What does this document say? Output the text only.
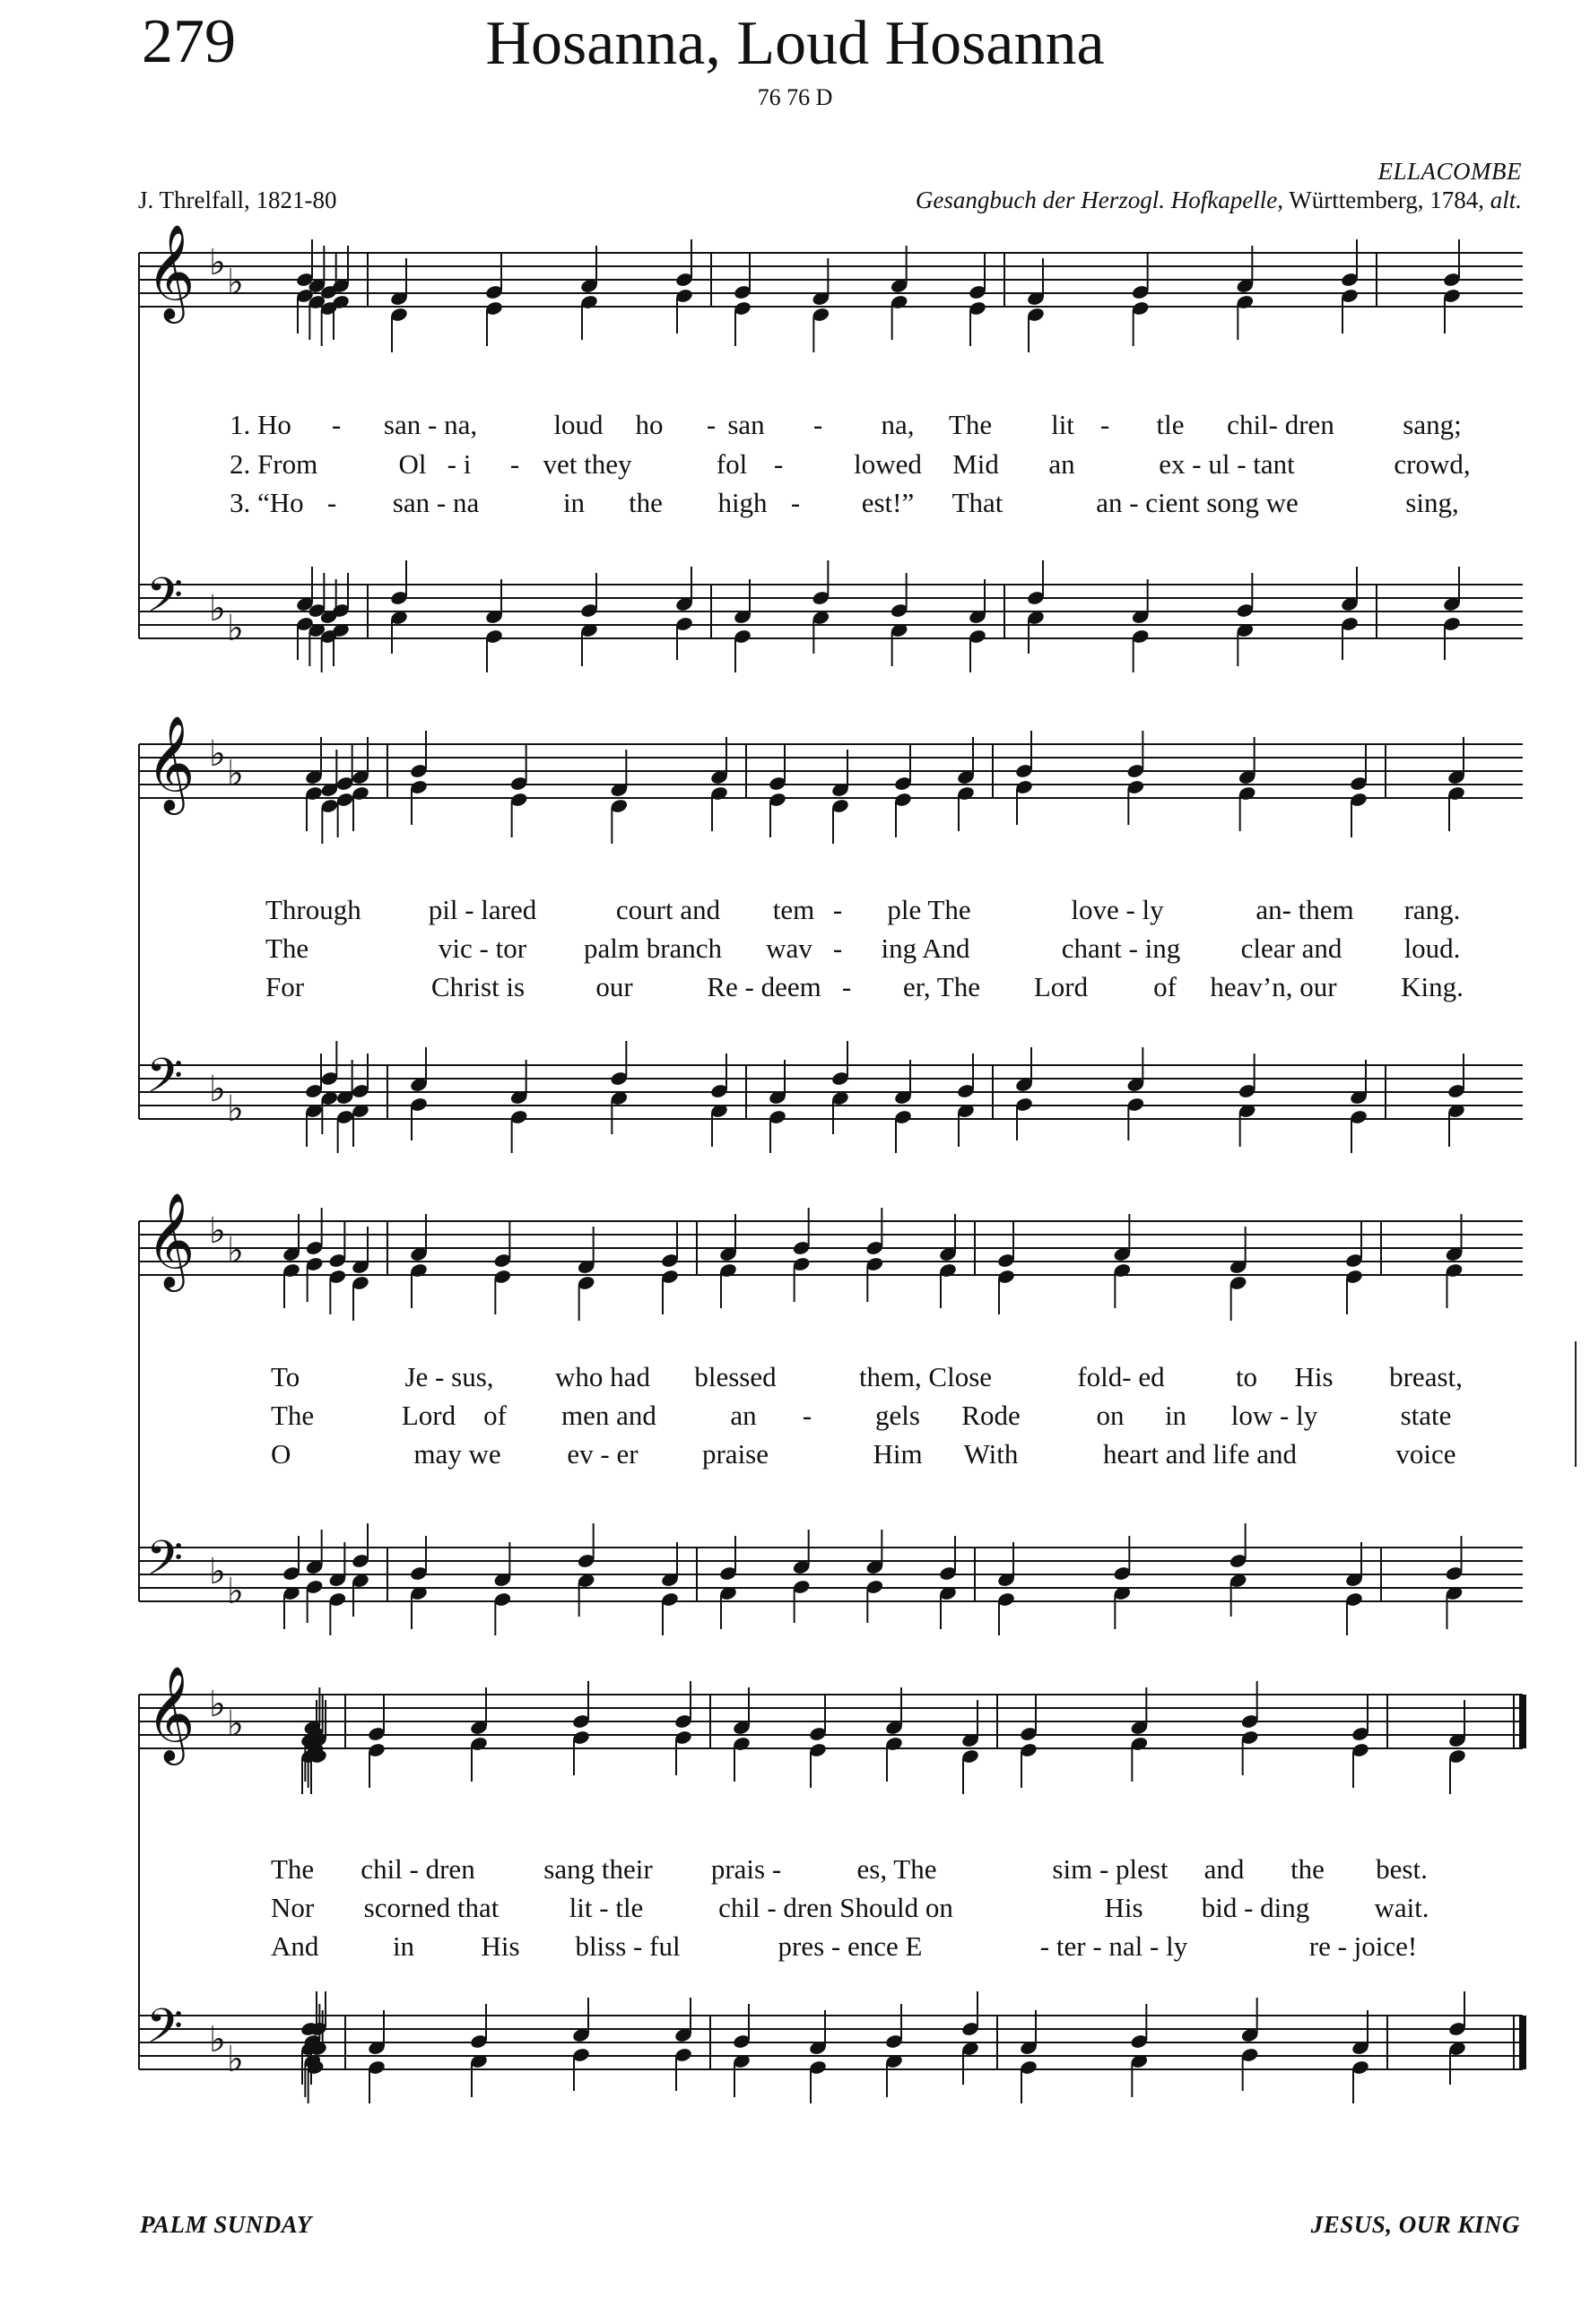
279	Hosanna, Loud Hosanna
76 76 D
ELLACOMBE
J. Threlfall, 1821-80	Gesangbuch der Herzogl. Hofkapelle, Württemberg, 1784, alt.
𝄞 ♭ ♭
𝄢 ♭ ♭
𝄞 ♭ ♭
𝄢 ♭ ♭
𝄞 ♭ ♭
𝄢 ♭ ♭
𝄞 ♭ ♭
𝄢 ♭ ♭
1. Ho - san - na,	loud ho - san - na, The lit - tle chil- dren sang;
2. From	Ol - i - vet they	fol -	lowed Mid an	ex - ul - tant	crowd,
3. “Ho - san - na	in the high - est!” That	an - cient song we	sing,
Through pil - lared	court and tem - ple The	love - ly	an- them rang.
The	vic - tor palm branch wav - ing And	chant - ing clear and loud.
For	Christ is	our	Re - deem - er, The Lord of heav’n, our King.
To	Je - sus, who had blessed	them, Close	fold- ed	to His breast,
The	Lord of men and	an - gels Rode	on in low - ly	state
O	may we ev - er praise	Him With	heart and life and	voice
The chil - dren sang their prais -	es, The	sim - plest and the best.
Nor scorned that	lit - tle	chil - dren Should on	His bid - ding wait.
And	in His bliss - ful	pres - ence E	- ter - nal - ly	re - joice!
PALM SUNDAY	JESUS, OUR KING
